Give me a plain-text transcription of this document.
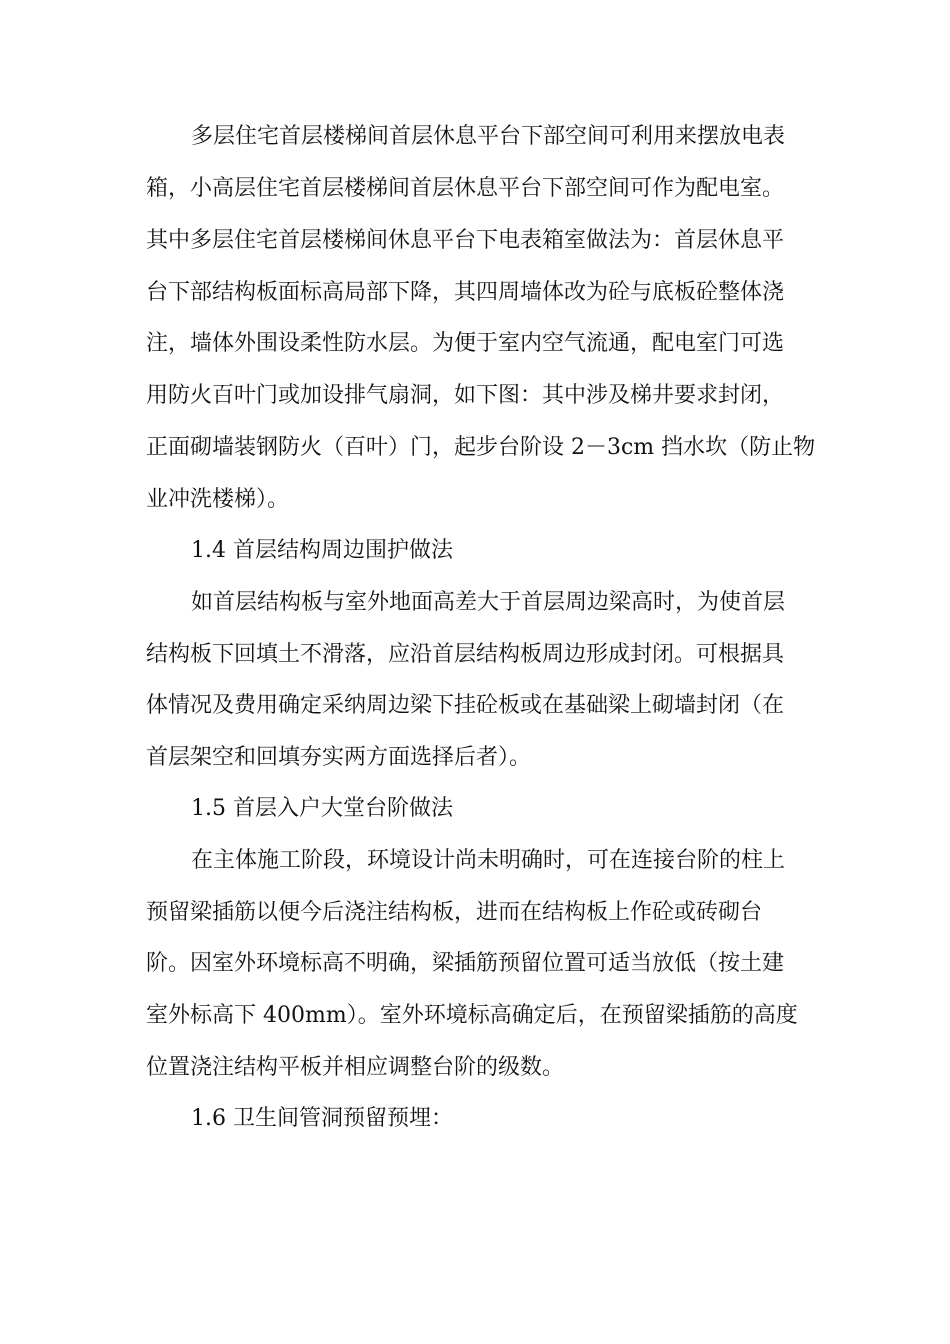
多层住宅首层楼梯间首层休息平台下部空间可利用来摆放电表
箱，小高层住宅首层楼梯间首层休息平台下部空间可作为配电室。
其中多层住宅首层楼梯间休息平台下电表箱室做法为：首层休息平
台下部结构板面标高局部下降，其四周墙体改为砼与底板砼整体浇
注，墙体外围设柔性防水层。为便于室内空气流通，配电室门可选
用防火百叶门或加设排气扇洞，如下图：其中涉及梯井要求封闭，
正面砌墙装钢防火（百叶）门，起步台阶设 2－3cm 挡水坎（防止物
业冲洗楼梯）。
1.4 首层结构周边围护做法
如首层结构板与室外地面高差大于首层周边梁高时，为使首层
结构板下回填土不滑落，应沿首层结构板周边形成封闭。可根据具
体情况及费用确定采纳周边梁下挂砼板或在基础梁上砌墙封闭（在
首层架空和回填夯实两方面选择后者）。
1.5 首层入户大堂台阶做法
在主体施工阶段，环境设计尚未明确时，可在连接台阶的柱上
预留梁插筋以便今后浇注结构板，进而在结构板上作砼或砖砌台
阶。因室外环境标高不明确，梁插筋预留位置可适当放低（按土建
室外标高下 400mm）。室外环境标高确定后，在预留梁插筋的高度
位置浇注结构平板并相应调整台阶的级数。
1.6 卫生间管洞预留预埋：
